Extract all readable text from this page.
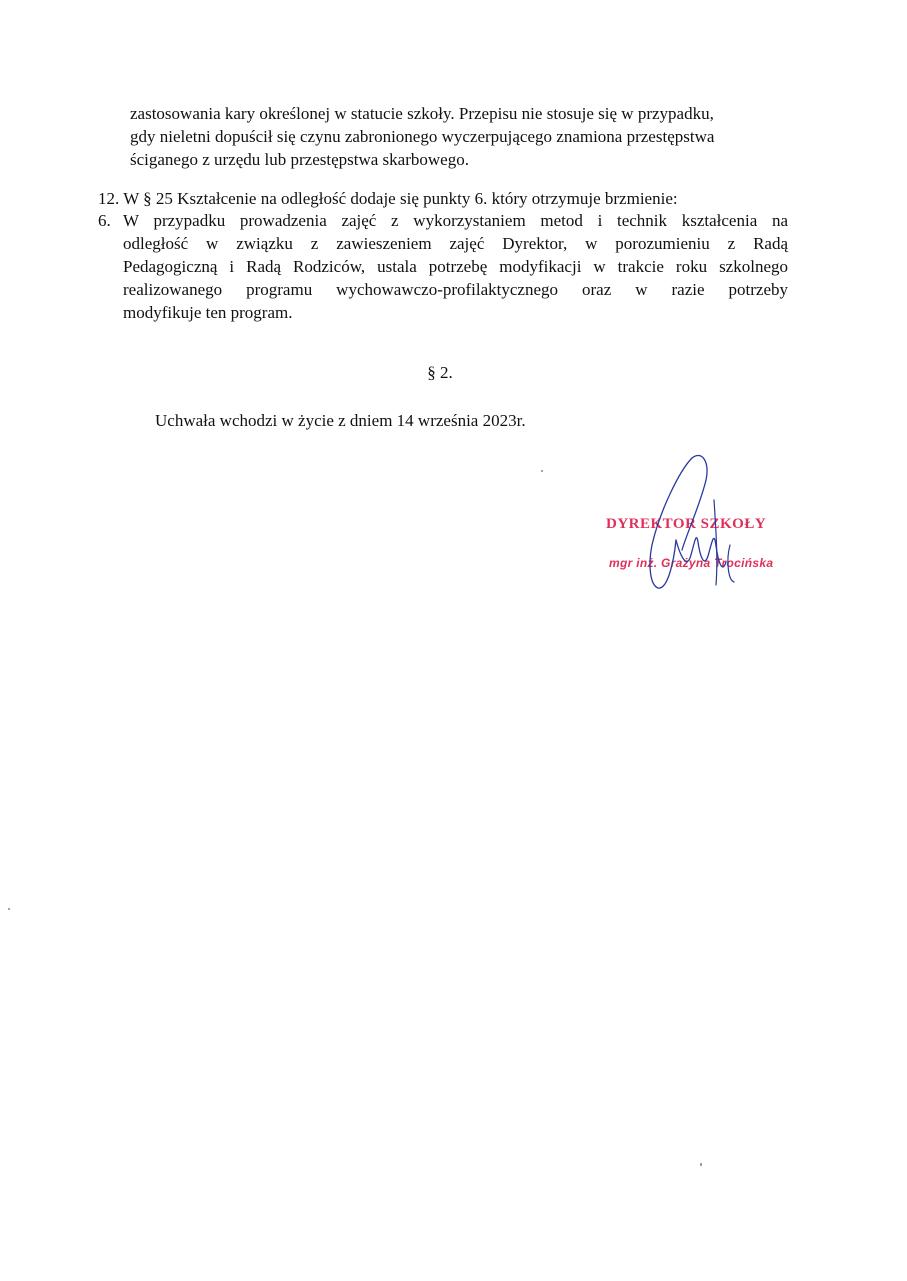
zastosowania kary określonej w statucie szkoły. Przepisu nie stosuje się w przypadku,
gdy nieletni dopuścił się czynu zabronionego wyczerpującego znamiona przestępstwa
ściganego z urzędu lub przestępstwa skarbowego.
12. W § 25 Kształcenie na odległość dodaje się punkty 6. który otrzymuje brzmienie:
6. W przypadku prowadzenia zajęć z wykorzystaniem metod i technik kształcenia na
odległość w związku z zawieszeniem zajęć Dyrektor, w porozumieniu z Radą
Pedagogiczną i Radą Rodziców, ustala potrzebę modyfikacji w trakcie roku szkolnego
realizowanego programu wychowawczo-profilaktycznego oraz w razie potrzeby
modyfikuje ten program.
§ 2.
Uchwała wchodzi w życie z dniem 14 września 2023r.
DYREKTOR SZKOŁY
mgr inż. Grażyna Trocińska
